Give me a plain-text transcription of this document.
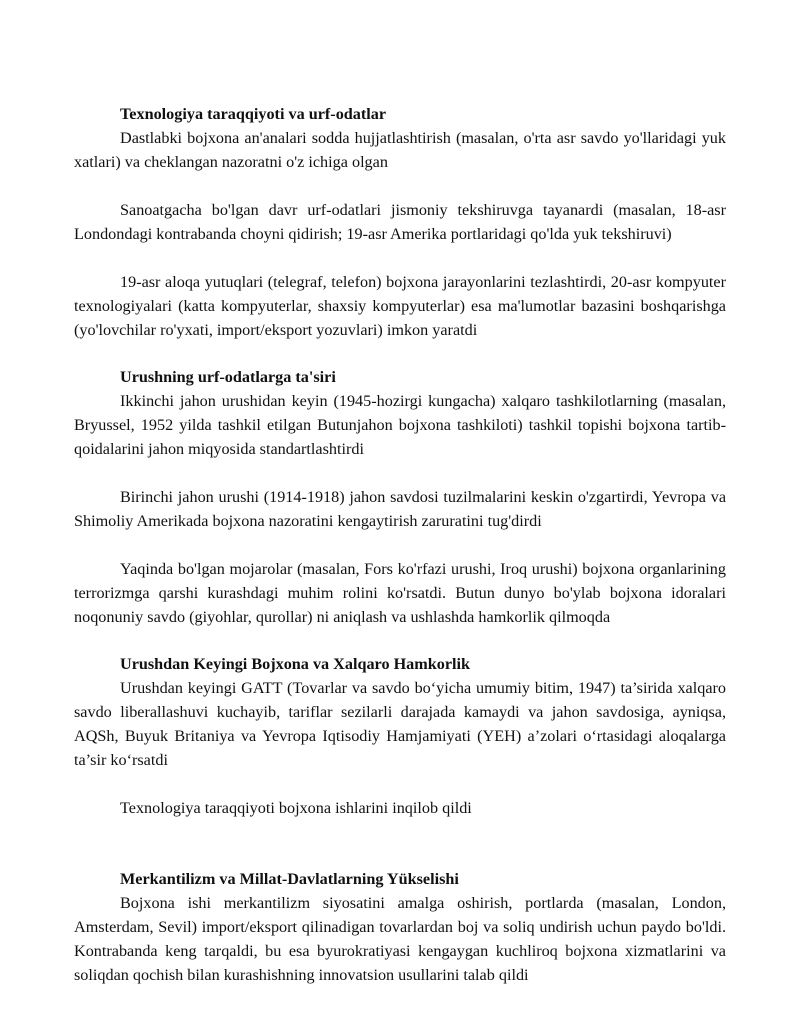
Texnologiya taraqqiyoti va urf-odatlar

Dastlabki bojxona an'analari sodda hujjatlashtirish (masalan, o'rta asr savdo yo'llaridagi yuk xatlari) va cheklangan nazoratni o'z ichiga olgan

Sanoatgacha bo'lgan davr urf-odatlari jismoniy tekshiruvga tayanardi (masalan, 18-asr Londondagi kontrabanda choyni qidirish; 19-asr Amerika portlaridagi qo'lda yuk tekshiruvi)

19-asr aloqa yutuqlari (telegraf, telefon) bojxona jarayonlarini tezlashtirdi, 20-asr kompyuter texnologiyalari (katta kompyuterlar, shaxsiy kompyuterlar) esa ma'lumotlar bazasini boshqarishga (yo'lovchilar ro'yxati, import/eksport yozuvlari) imkon yaratdi

Urushning urf-odatlarga ta'siri

Ikkinchi jahon urushidan keyin (1945-hozirgi kungacha) xalqaro tashkilotlarning (masalan, Bryussel, 1952 yilda tashkil etilgan Butunjahon bojxona tashkiloti) tashkil topishi bojxona tartib-qoidalarini jahon miqyosida standartlashtirdi

Birinchi jahon urushi (1914-1918) jahon savdosi tuzilmalarini keskin o'zgartirdi, Yevropa va Shimoliy Amerikada bojxona nazoratini kengaytirish zaruratini tug'dirdi

Yaqinda bo'lgan mojarolar (masalan, Fors ko'rfazi urushi, Iroq urushi) bojxona organlarining terrorizmga qarshi kurashdagi muhim rolini ko'rsatdi. Butun dunyo bo'ylab bojxona idoralari noqonuniy savdo (giyohlar, qurollar) ni aniqlash va ushlashda hamkorlik qilmoqda

Urushdan Keyingi Bojxona va Xalqaro Hamkorlik

Urushdan keyingi GATT (Tovarlar va savdo bo‘yicha umumiy bitim, 1947) ta’sirida xalqaro savdo liberallashuvi kuchayib, tariflar sezilarli darajada kamaydi va jahon savdosiga, ayniqsa, AQSh, Buyuk Britaniya va Yevropa Iqtisodiy Hamjamiyati (YEH) a’zolari o‘rtasidagi aloqalarga ta’sir ko‘rsatdi

Texnologiya taraqqiyoti bojxona ishlarini inqilob qildi

Merkantilizm va Millat-Davlatlarning Yükselishi

Bojxona ishi merkantilizm siyosatini amalga oshirish, portlarda (masalan, London, Amsterdam, Sevil) import/eksport qilinadigan tovarlardan boj va soliq undirish uchun paydo bo'ldi. Kontrabanda keng tarqaldi, bu esa byurokratiyasi kengaygan kuchliroq bojxona xizmatlarini va soliqdan qochish bilan kurashishning innovatsion usullarini talab qildi
